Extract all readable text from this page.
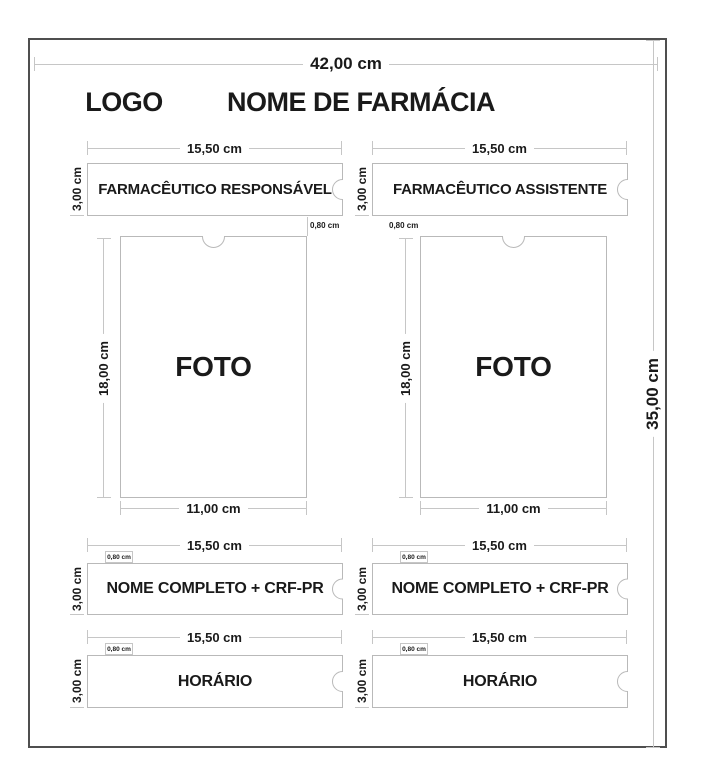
42,00 cm
35,00 cm
LOGO	NOME DE FARMÁCIA
15,50 cm
3,00 cm FARMACÊUTICO RESPONSÁVEL
0,80 cm
FOTO
18,00 cm
11,00 cm
15,50 cm
0,80 cm
3,00 cm NOME COMPLETO + CRF-PR
15,50 cm
0,80 cm
3,00 cm	HORÁRIO
15,50 cm
3,00 cm FARMACÊUTICO ASSISTENTE
0,80 cm
FOTO
18,00 cm
11,00 cm
15,50 cm
0,80 cm
3,00 cm NOME COMPLETO + CRF-PR
15,50 cm
0,80 cm
3,00 cm	HORÁRIO
